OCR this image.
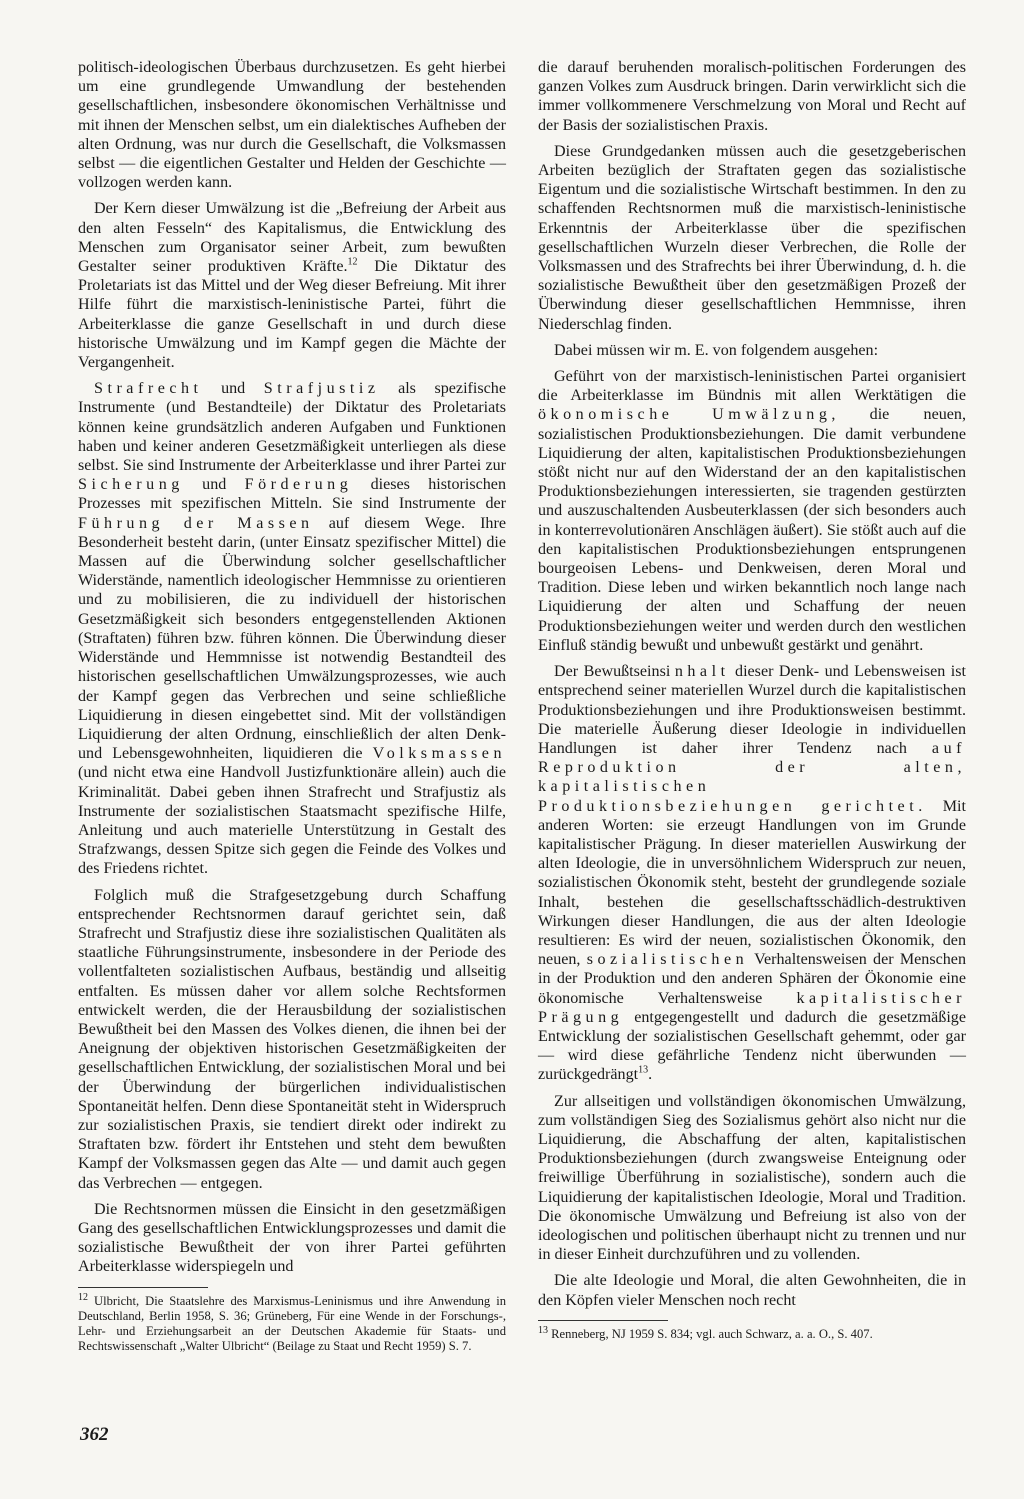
politisch-ideologischen Überbaus durchzusetzen. Es geht hierbei um eine grundlegende Umwandlung der bestehenden gesellschaftlichen, insbesondere ökonomischen Verhältnisse und mit ihnen der Menschen selbst, um ein dialektisches Aufheben der alten Ordnung, was nur durch die Gesellschaft, die Volksmassen selbst — die eigentlichen Gestalter und Helden der Geschichte — vollzogen werden kann.

Der Kern dieser Umwälzung ist die „Befreiung der Arbeit aus den alten Fesseln“ des Kapitalismus, die Entwicklung des Menschen zum Organisator seiner Arbeit, zum bewußten Gestalter seiner produktiven Kräfte.$^{12}$ Die Diktatur des Proletariats ist das Mittel und der Weg dieser Befreiung. Mit ihrer Hilfe führt die marxistisch-leninistische Partei, führt die Arbeiterklasse die ganze Gesellschaft in und durch diese historische Umwälzung und im Kampf gegen die Mächte der Vergangenheit.

Strafrecht und Strafjustiz als spezifische Instrumente (und Bestandteile) der Diktatur des Proletariats können keine grundsätzlich anderen Aufgaben und Funktionen haben und keiner anderen Gesetzmäßigkeit unterliegen als diese selbst. Sie sind Instrumente der Arbeiterklasse und ihrer Partei zur Sicherung und Förderung dieses historischen Prozesses mit spezifischen Mitteln. Sie sind Instrumente der Führung der Massen auf diesem Wege. Ihre Besonderheit besteht darin, (unter Einsatz spezifischer Mittel) die Massen auf die Überwindung solcher gesellschaftlicher Widerstände, namentlich ideologischer Hemmnisse zu orientieren und zu mobilisieren, die zu individuell der historischen Gesetzmäßigkeit sich besonders entgegenstellenden Aktionen (Straftaten) führen bzw. führen können. Die Überwindung dieser Widerstände und Hemmnisse ist notwendig Bestandteil des historischen gesellschaftlichen Umwälzungsprozesses, wie auch der Kampf gegen das Verbrechen und seine schließliche Liquidierung in diesen eingebettet sind. Mit der vollständigen Liquidierung der alten Ordnung, einschließlich der alten Denk- und Lebensgewohnheiten, liquidieren die Volksmassen (und nicht etwa eine Handvoll Justizfunktionäre allein) auch die Kriminalität. Dabei geben ihnen Strafrecht und Strafjustiz als Instrumente der sozialistischen Staatsmacht spezifische Hilfe, Anleitung und auch materielle Unterstützung in Gestalt des Strafzwangs, dessen Spitze sich gegen die Feinde des Volkes und des Friedens richtet.

Folglich muß die Strafgesetzgebung durch Schaffung entsprechender Rechtsnormen darauf gerichtet sein, daß Strafrecht und Strafjustiz diese ihre sozialistischen Qualitäten als staatliche Führungsinstrumente, insbesondere in der Periode des vollentfalteten sozialistischen Aufbaus, beständig und allseitig entfalten. Es müssen daher vor allem solche Rechtsformen entwickelt werden, die der Herausbildung der sozialistischen Bewußtheit bei den Massen des Volkes dienen, die ihnen bei der Aneignung der objektiven historischen Gesetzmäßigkeiten der gesellschaftlichen Entwicklung, der sozialistischen Moral und bei der Überwindung der bürgerlichen individualistischen Spontaneität helfen. Denn diese Spontaneität steht in Widerspruch zur sozialistischen Praxis, sie tendiert direkt oder indirekt zu Straftaten bzw. fördert ihr Entstehen und steht dem bewußten Kampf der Volksmassen gegen das Alte — und damit auch gegen das Verbrechen — entgegen.

Die Rechtsnormen müssen die Einsicht in den gesetzmäßigen Gang des gesellschaftlichen Entwicklungsprozesses und damit die sozialistische Bewußtheit der von ihrer Partei geführten Arbeiterklasse widerspiegeln und

$^{12}$ Ulbricht, Die Staatslehre des Marxismus-Leninismus und ihre Anwendung in Deutschland, Berlin 1958, S. 36; Grüneberg, Für eine Wende in der Forschungs-, Lehr- und Erziehungsarbeit an der Deutschen Akademie für Staats- und Rechtswissenschaft „Walter Ulbricht“ (Beilage zu Staat und Recht 1959) S. 7.

die darauf beruhenden moralisch-politischen Forderungen des ganzen Volkes zum Ausdruck bringen. Darin verwirklicht sich die immer vollkommenere Verschmelzung von Moral und Recht auf der Basis der sozialistischen Praxis.

Diese Grundgedanken müssen auch die gesetzgeberischen Arbeiten bezüglich der Straftaten gegen das sozialistische Eigentum und die sozialistische Wirtschaft bestimmen. In den zu schaffenden Rechtsnormen muß die marxistisch-leninistische Erkenntnis der Arbeiterklasse über die spezifischen gesellschaftlichen Wurzeln dieser Verbrechen, die Rolle der Volksmassen und des Strafrechts bei ihrer Überwindung, d. h. die sozialistische Bewußtheit über den gesetzmäßigen Prozeß der Überwindung dieser gesellschaftlichen Hemmnisse, ihren Niederschlag finden.

Dabei müssen wir m. E. von folgendem ausgehen:

Geführt von der marxistisch-leninistischen Partei organisiert die Arbeiterklasse im Bündnis mit allen Werktätigen die ökonomische Umwälzung, die neuen, sozialistischen Produktionsbeziehungen. Die damit verbundene Liquidierung der alten, kapitalistischen Produktionsbeziehungen stößt nicht nur auf den Widerstand der an den kapitalistischen Produktionsbeziehungen interessierten, sie tragenden gestürzten und auszuschaltenden Ausbeuterklassen (der sich besonders auch in konterrevolutionären Anschlägen äußert). Sie stößt auch auf die den kapitalistischen Produktionsbeziehungen entsprungenen bourgeoisen Lebens- und Denkweisen, deren Moral und Tradition. Diese leben und wirken bekanntlich noch lange nach Liquidierung der alten und Schaffung der neuen Produktionsbeziehungen weiter und werden durch den westlichen Einfluß ständig bewußt und unbewußt gestärkt und genährt.

Der Bewußtseinsinhalt dieser Denk- und Lebensweisen ist entsprechend seiner materiellen Wurzel durch die kapitalistischen Produktionsbeziehungen und ihre Produktionsweisen bestimmt. Die materielle Äußerung dieser Ideologie in individuellen Handlungen ist daher ihrer Tendenz nach auf Reproduktion der alten, kapitalistischen Produktionsbeziehungen gerichtet. Mit anderen Worten: sie erzeugt Handlungen von im Grunde kapitalistischer Prägung. In dieser materiellen Auswirkung der alten Ideologie, die in unversöhnlichem Widerspruch zur neuen, sozialistischen Ökonomik steht, besteht der grundlegende soziale Inhalt, bestehen die gesellschaftsschädlich-destruktiven Wirkungen dieser Handlungen, die aus der alten Ideologie resultieren: Es wird der neuen, sozialistischen Ökonomik, den neuen, sozialistischen Verhaltensweisen der Menschen in der Produktion und den anderen Sphären der Ökonomie eine ökonomische Verhaltensweise kapitalistischer Prägung entgegengestellt und dadurch die gesetzmäßige Entwicklung der sozialistischen Gesellschaft gehemmt, oder gar — wird diese gefährliche Tendenz nicht überwunden — zurückgedrängt$^{13}$.

Zur allseitigen und vollständigen ökonomischen Umwälzung, zum vollständigen Sieg des Sozialismus gehört also nicht nur die Liquidierung, die Abschaffung der alten, kapitalistischen Produktionsbeziehungen (durch zwangsweise Enteignung oder freiwillige Überführung in sozialistische), sondern auch die Liquidierung der kapitalistischen Ideologie, Moral und Tradition. Die ökonomische Umwälzung und Befreiung ist also von der ideologischen und politischen überhaupt nicht zu trennen und nur in dieser Einheit durchzuführen und zu vollenden.

Die alte Ideologie und Moral, die alten Gewohnheiten, die in den Köpfen vieler Menschen noch recht

$^{13}$ Renneberg, NJ 1959 S. 834; vgl. auch Schwarz, a. a. O., S. 407.

362
